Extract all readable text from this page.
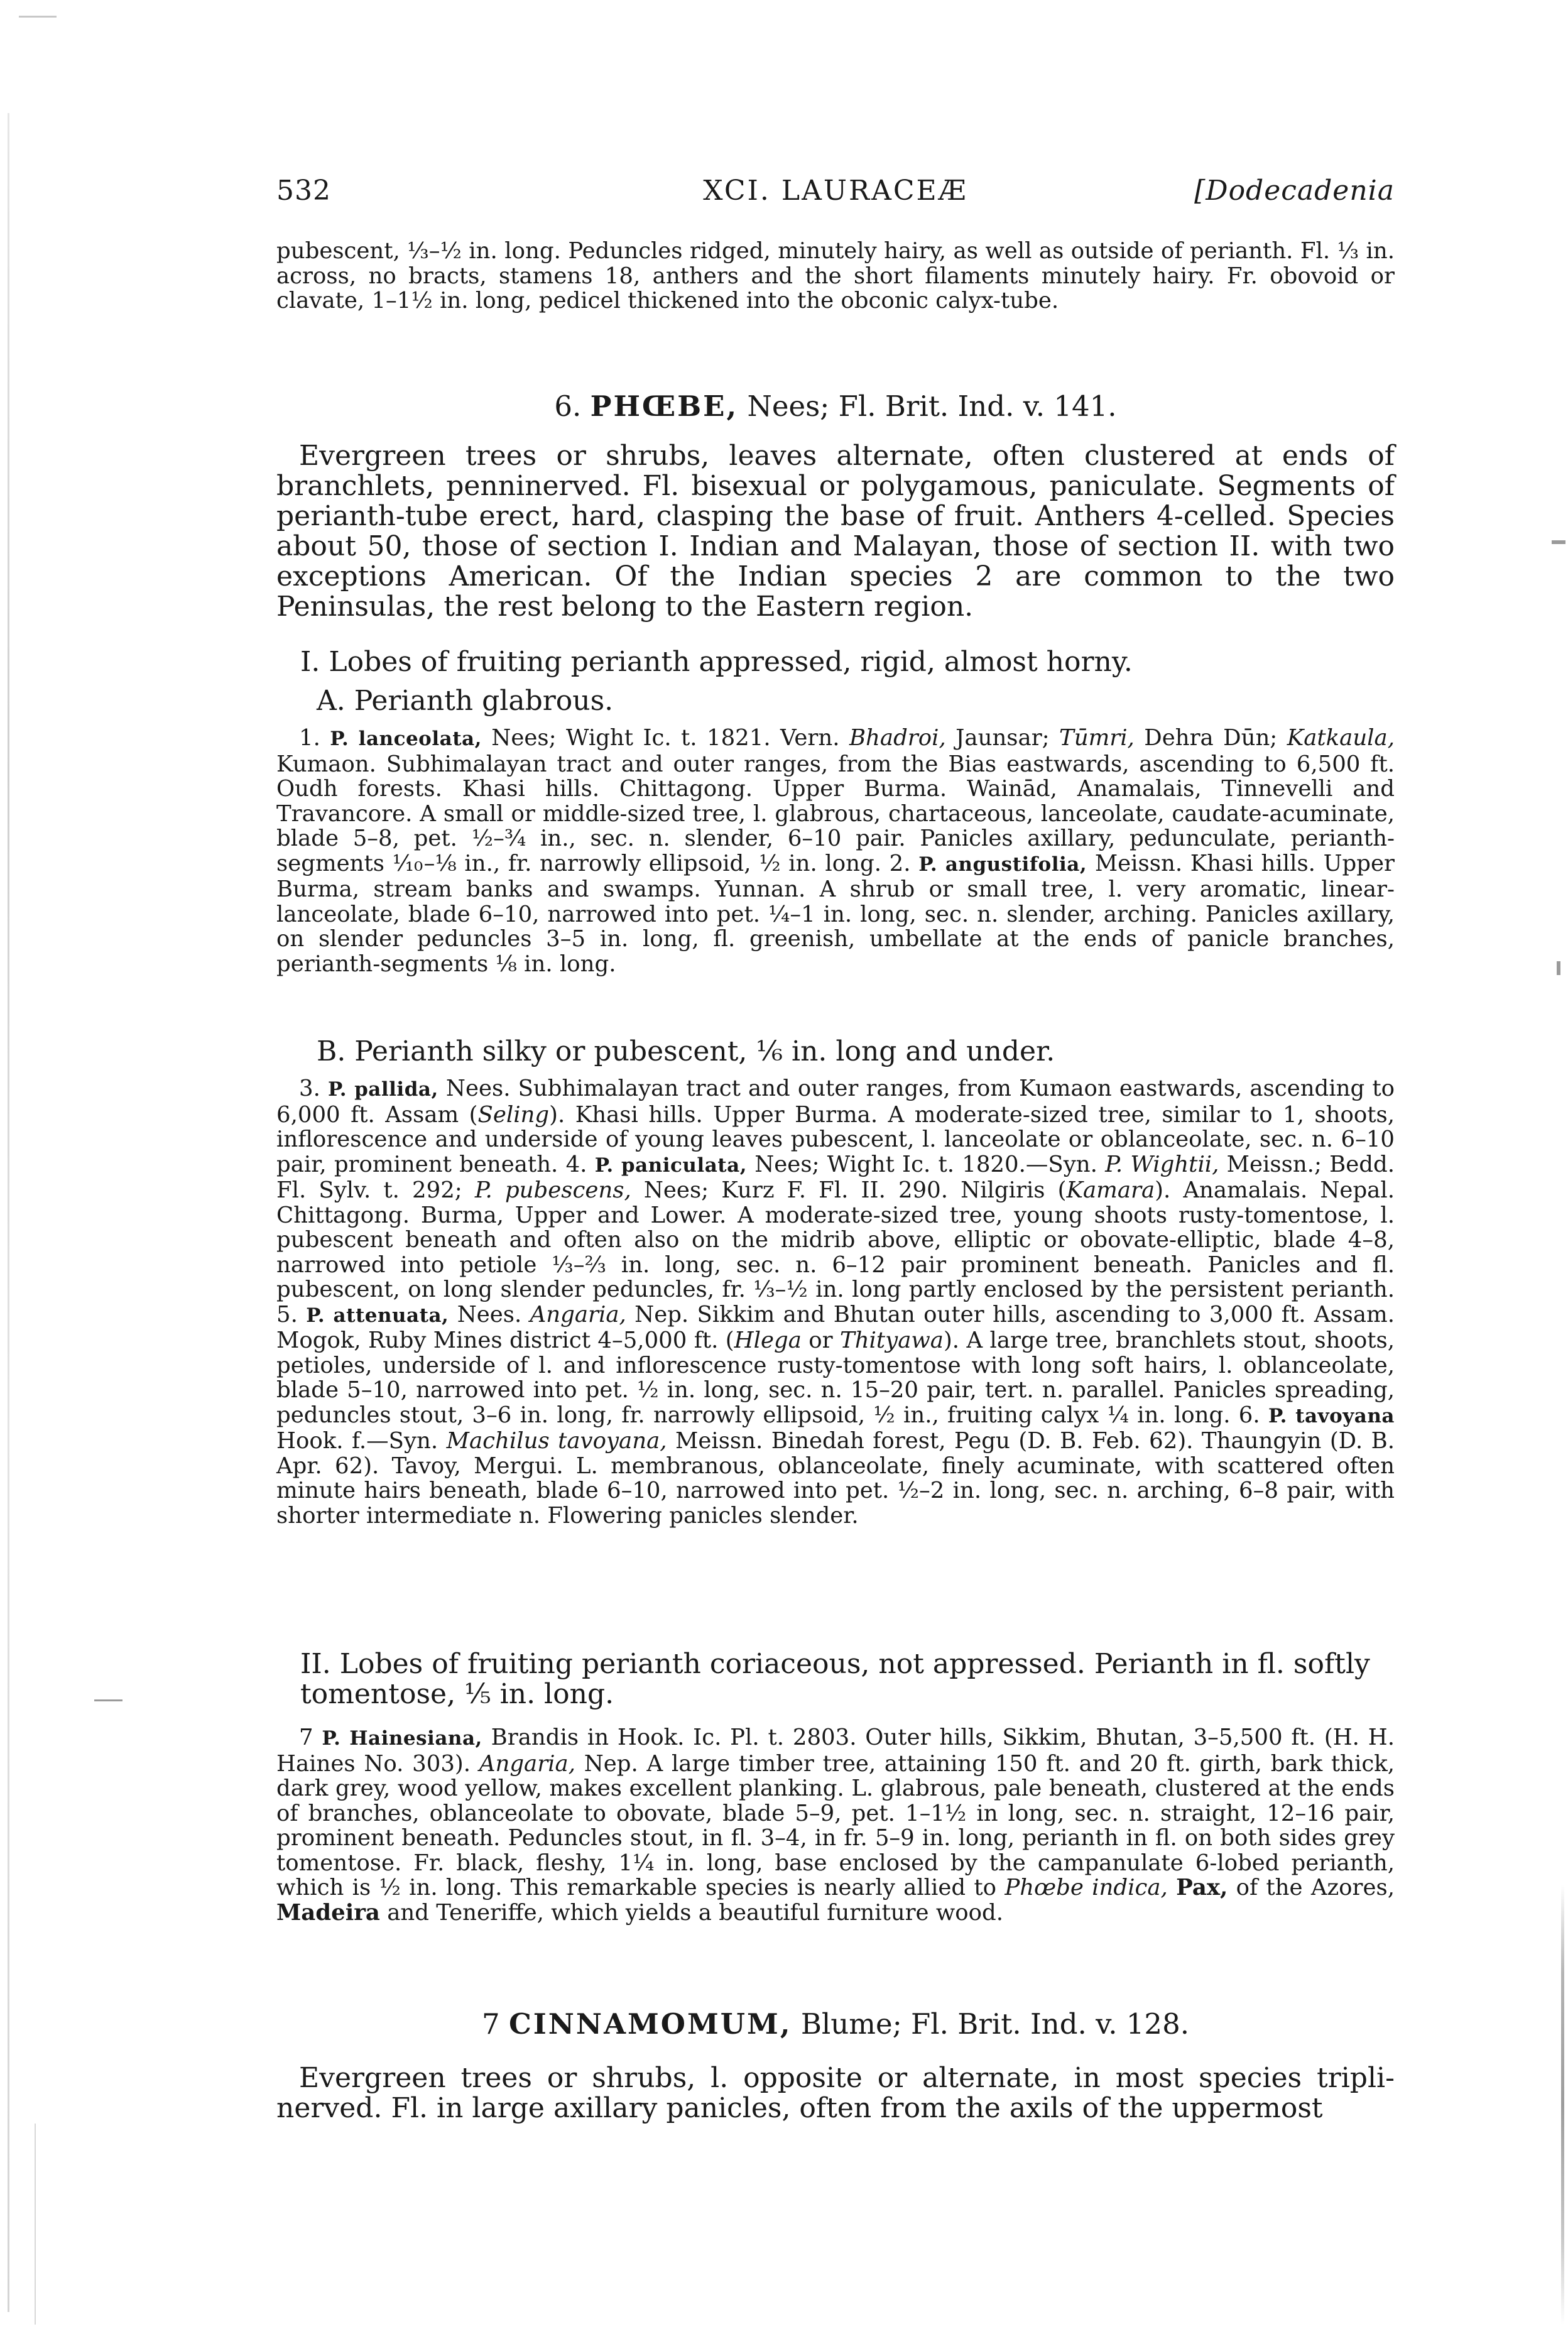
532	XCI. LAURACEÆ	[Dodecadenia

pubescent, ⅓–½ in. long. Peduncles ridged, minutely hairy, as well as outside of perianth. Fl. ⅓ in. across, no bracts, stamens 18, anthers and the short filaments minutely hairy. Fr. obovoid or clavate, 1–1½ in. long, pedicel thickened into the obconic calyx-tube.

6. PHŒBE, Nees; Fl. Brit. Ind. v. 141.

Evergreen trees or shrubs, leaves alternate, often clustered at ends of branchlets, penninerved. Fl. bisexual or polygamous, paniculate. Segments of perianth-tube erect, hard, clasping the base of fruit. Anthers 4-celled. Species about 50, those of section I. Indian and Malayan, those of section II. with two exceptions American. Of the Indian species 2 are common to the two Peninsulas, the rest belong to the Eastern region.

I. Lobes of fruiting perianth appressed, rigid, almost horny.

A. Perianth glabrous.

1. P. lanceolata, Nees; Wight Ic. t. 1821. Vern. Bhadroi, Jaunsar; Tūmri, Dehra Dūn; Katkaula, Kumaon. Subhimalayan tract and outer ranges, from the Bias eastwards, ascending to 6,500 ft. Oudh forests. Khasi hills. Chittagong. Upper Burma. Wainād, Anamalais, Tinnevelli and Travancore. A small or middle-sized tree, l. glabrous, chartaceous, lanceolate, caudate-acuminate, blade 5–8, pet. ½–¾ in., sec. n. slender, 6–10 pair. Panicles axillary, pedunculate, perianth-segments ⅒–⅛ in., fr. narrowly ellipsoid, ½ in. long. 2. P. angustifolia, Meissn. Khasi hills. Upper Burma, stream banks and swamps. Yunnan. A shrub or small tree, l. very aromatic, linear-lanceolate, blade 6–10, narrowed into pet. ¼–1 in. long, sec. n. slender, arching. Panicles axillary, on slender peduncles 3–5 in. long, fl. greenish, umbellate at the ends of panicle branches, perianth-segments ⅛ in. long.

B. Perianth silky or pubescent, ⅙ in. long and under.

3. P. pallida, Nees. Subhimalayan tract and outer ranges, from Kumaon eastwards, ascending to 6,000 ft. Assam (Seling). Khasi hills. Upper Burma. A moderate-sized tree, similar to 1, shoots, inflorescence and underside of young leaves pubescent, l. lanceolate or oblanceolate, sec. n. 6–10 pair, prominent beneath. 4. P. paniculata, Nees; Wight Ic. t. 1820.—Syn. P. Wightii, Meissn.; Bedd. Fl. Sylv. t. 292; P. pubescens, Nees; Kurz F. Fl. II. 290. Nilgiris (Kamara). Anamalais. Nepal. Chittagong. Burma, Upper and Lower. A moderate-sized tree, young shoots rusty-tomentose, l. pubescent beneath and often also on the midrib above, elliptic or obovate-elliptic, blade 4–8, narrowed into petiole ⅓–⅔ in. long, sec. n. 6–12 pair prominent beneath. Panicles and fl. pubescent, on long slender peduncles, fr. ⅓–½ in. long partly enclosed by the persistent perianth. 5. P. attenuata, Nees. Angaria, Nep. Sikkim and Bhutan outer hills, ascending to 3,000 ft. Assam. Mogok, Ruby Mines district 4–5,000 ft. (Hlega or Thityawa). A large tree, branchlets stout, shoots, petioles, underside of l. and inflorescence rusty-tomentose with long soft hairs, l. oblanceolate, blade 5–10, narrowed into pet. ½ in. long, sec. n. 15–20 pair, tert. n. parallel. Panicles spreading, peduncles stout, 3–6 in. long, fr. narrowly ellipsoid, ½ in., fruiting calyx ¼ in. long. 6. P. tavoyana Hook. f.—Syn. Machilus tavoyana, Meissn. Binedah forest, Pegu (D. B. Feb. 62). Thaungyin (D. B. Apr. 62). Tavoy, Mergui. L. membranous, oblanceolate, finely acuminate, with scattered often minute hairs beneath, blade 6–10, narrowed into pet. ½–2 in. long, sec. n. arching, 6–8 pair, with shorter intermediate n. Flowering panicles slender.

II. Lobes of fruiting perianth coriaceous, not appressed. Perianth in fl. softly tomentose, ⅕ in. long.

7 P. Hainesiana, Brandis in Hook. Ic. Pl. t. 2803. Outer hills, Sikkim, Bhutan, 3–5,500 ft. (H. H. Haines No. 303). Angaria, Nep. A large timber tree, attaining 150 ft. and 20 ft. girth, bark thick, dark grey, wood yellow, makes excellent planking. L. glabrous, pale beneath, clustered at the ends of branches, oblanceolate to obovate, blade 5–9, pet. 1–1½ in long, sec. n. straight, 12–16 pair, prominent beneath. Peduncles stout, in fl. 3–4, in fr. 5–9 in. long, perianth in fl. on both sides grey tomentose. Fr. black, fleshy, 1¼ in. long, base enclosed by the campanulate 6-lobed perianth, which is ½ in. long. This remarkable species is nearly allied to Phœbe indica, Pax, of the Azores, Madeira and Teneriffe, which yields a beautiful furniture wood.

7 CINNAMOMUM, Blume; Fl. Brit. Ind. v. 128.

Evergreen trees or shrubs, l. opposite or alternate, in most species tripli-nerved. Fl. in large axillary panicles, often from the axils of the uppermost
